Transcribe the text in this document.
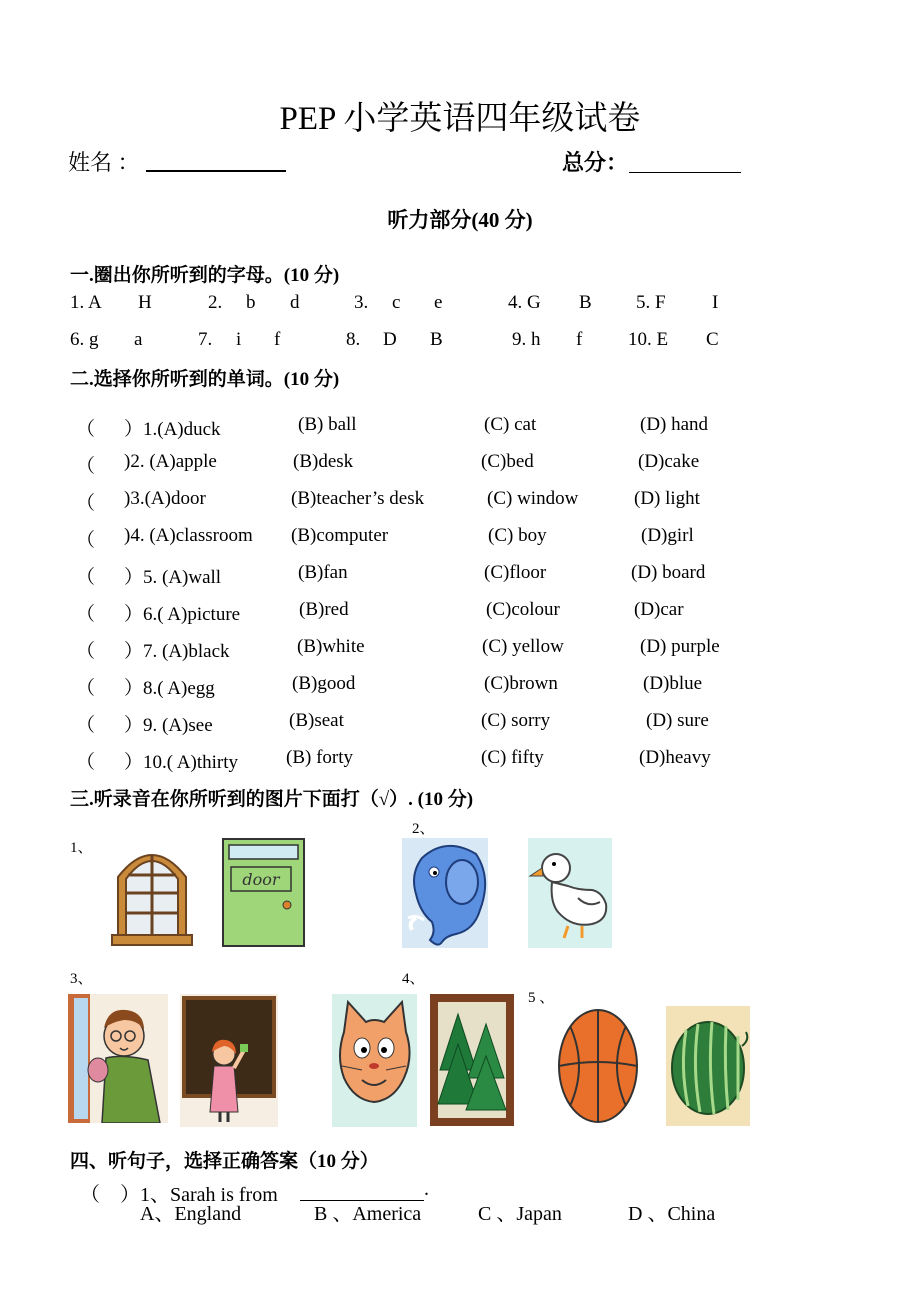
PEP 小学英语四年级试卷
姓名 ：	总分：
听力部分(40 分)
一.圈出你所听到的字母。(10 分)
1. A H	2. b d	3. c e	4. G B 5. F I
6. g a	7. i f	8. D B	9. h f 10. E C
二.选择你所听到的单词。(10 分)
（ ）1.(A)duck	(B) ball	(C) cat	(D) hand
（ )2. (A)apple	(B)desk	(C)bed	(D)cake
（ )3.(A)door	(B)teacher’s desk	(C) window	(D) light
（ )4. (A)classroom (B)computer	(C) boy	(D)girl
（ ）5. (A)wall	(B)fan	(C)floor	(D) board
（ ）6.( A)picture	(B)red	(C)colour	(D)car
（ ）7. (A)black	(B)white	(C) yellow	(D) purple
（ ）8.( A)egg	(B)good	(C)brown	(D)blue
（ ）9. (A)see	(B)seat	(C) sorry	(D) sure
（ ）10.( A)thirty	(B) forty	(C) fifty	(D)heavy
三.听录音在你所听到的图片下面打（√）. (10 分)
1、
2、
3、	4、
5 、
door
四、听句子，选择正确答案（10 分）
（　）1、Sarah is from	.
A、England	B 、America	C 、Japan	D 、China
